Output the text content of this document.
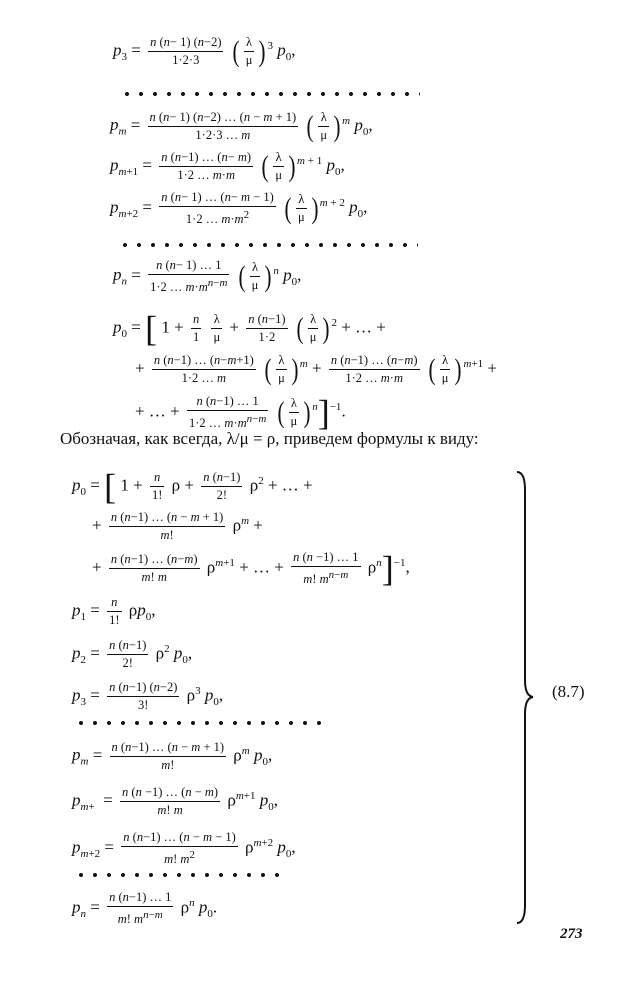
$p_3 = \frac{n (n- 1) (n-2)}{1\cdot 2\cdot 3}$ ( $\frac{\lambda}{\mu}$ ) $^3$ $p_0$,
$p_m = \frac{n (n- 1) (n-2) \dots (n - m + 1)}{1\cdot 2\cdot 3 \dots m}$ ( $\frac{\lambda}{\mu}$ ) $^m$ $p_0$,
$p_{m+1} = \frac{n (n-1) \dots (n- m)}{1\cdot 2 \dots m\cdot m}$ ( $\frac{\lambda}{\mu}$ ) $^{m + 1}$ $p_0$,
$p_{m+2} = \frac{n (n- 1) \dots (n- m - 1)}{1\cdot 2 \dots m\cdot m^2}$ ( $\frac{\lambda}{\mu}$ ) $^{m + 2}$ $p_0$,
$p_n = \frac{n (n- 1) \dots 1}{1\cdot 2 \dots m\cdot m^{n-m}}$ ( $\frac{\lambda}{\mu}$ ) $^n$ $p_0$,
$p_0$ = [ $1 + \frac{n}{1}$
$\frac{\lambda}{\mu} + \frac{n (n-1)}{1\cdot 2}$ ( $\frac{\lambda}{\mu}$ ) $^2$ + … +
+ $\frac{n (n-1) \dots (n-m+1)}{1\cdot 2 \dots m}$ ( $\frac{\lambda}{\mu}$ ) $^m + \frac{n (n-1) \dots (n-m)}{1\cdot 2 \dots m\cdot m}$ ( $\frac{\lambda}{\mu}$ ) $^{m+1}$ +
+ … + $\frac{n (n-1) \dots 1}{1\cdot 2 \dots m\cdot m^{n-m}}$ ( $\frac{\lambda}{\mu}$ ) $^n$]$^{-1}$.
Обозначая, как всегда, λ/μ = ρ, приведем формулы к виду:
$p_0$ = [ $1 + \frac{n}{1!}$ $\rho + \frac{n (n-1)}{2!} \rho^2$ + … +
+ $\frac{n (n-1) \dots (n - m + 1)}{m!} \rho^m$ +
+ $\frac{n (n-1) \dots (n-m)}{m! m} \rho^{m+1}$ + … + $\frac{n (n -1) \dots 1}{m! m^{n-m}} \rho^n]^{-1}$,
$p_1 = \frac{n}{1!} \rho p_0$,
$p_2 = \frac{n (n-1)}{2!} \rho^2$ $p_0$,
$p_3 = \frac{n (n-1) (n-2)}{3!} \rho^3$ $p_0$,
$p_m = \frac{n (n-1) \dots (n - m + 1)}{m!} \rho^m$ $p_0$,
$p_{m+} = \frac{n (n -1) \dots (n - m)}{m! m} \rho^{m+1}$ $p_0$,
$p_{m+2} = \frac{n (n-1) \dots (n - m - 1)}{m! m^2} \rho^{m+2}$ $p_0$,
$p_n = \frac{n (n-1) \dots 1}{m! m^{n-m}} \rho^n$ $p_0$.
(8.7)
273
